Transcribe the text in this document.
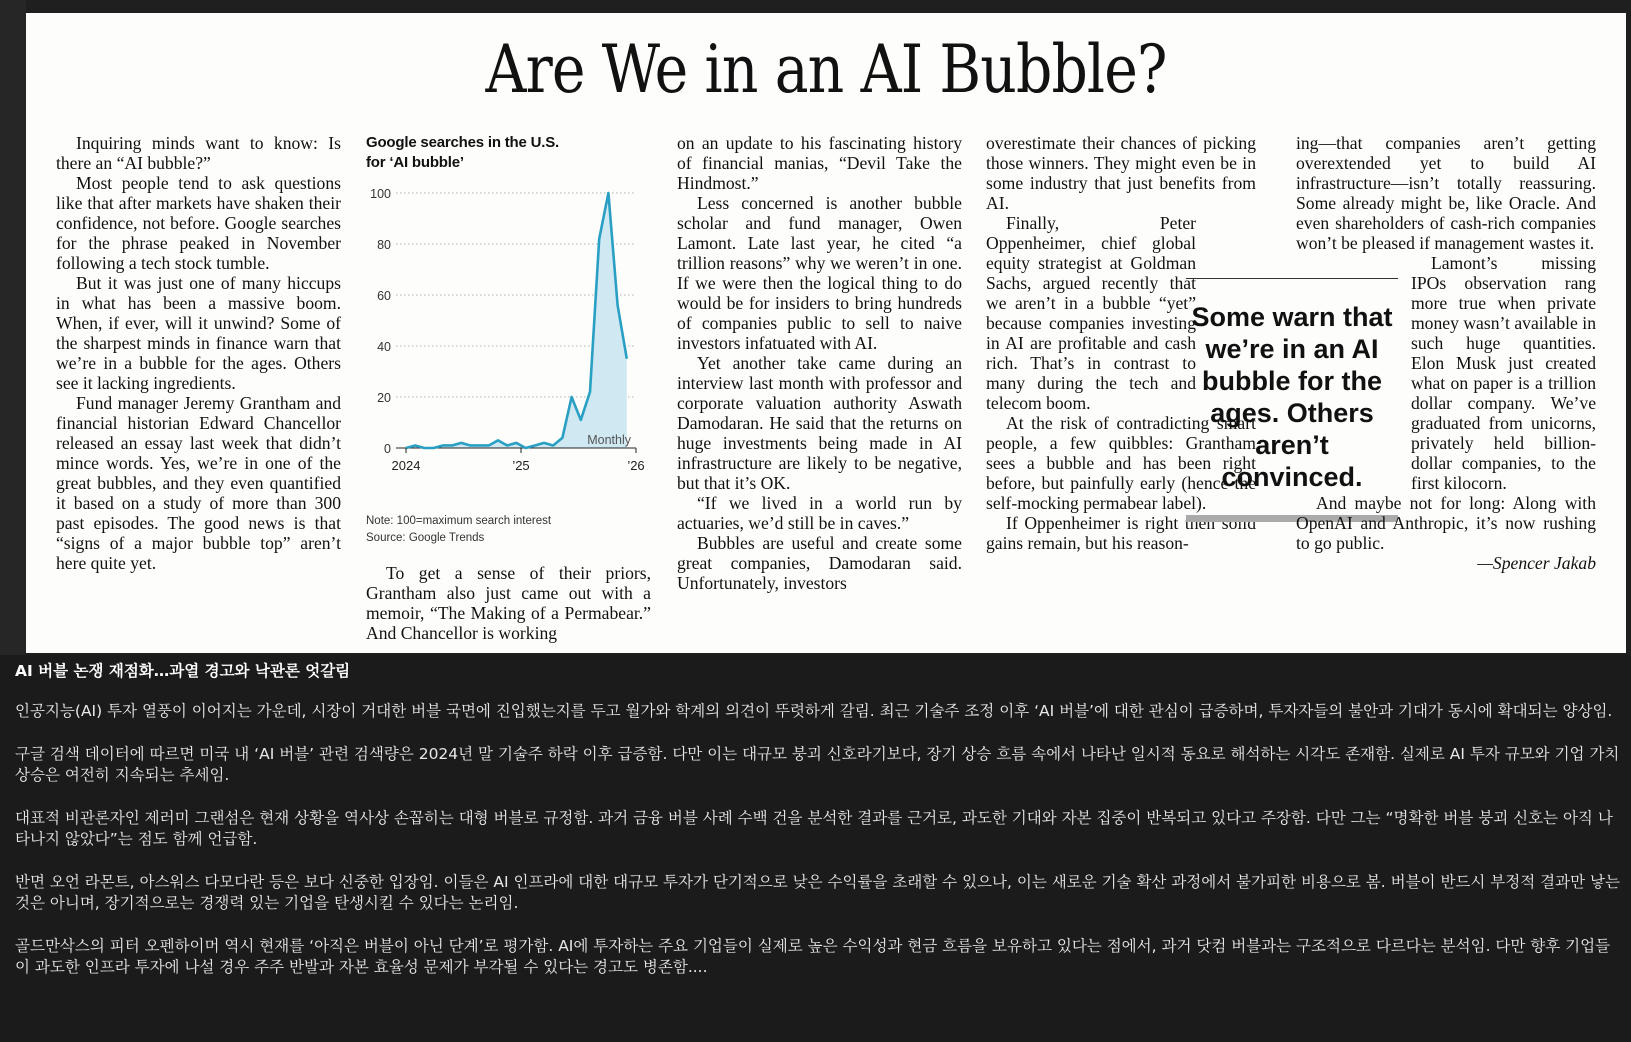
Are We in an AI Bubble?

Inquiring minds want to know: Is there an “AI bubble?”

Most people tend to ask questions like that after markets have shaken their confidence, not before. Google searches for the phrase peaked in November following a tech stock tumble.

But it was just one of many hiccups in what has been a massive boom. When, if ever, will it unwind? Some of the sharpest minds in finance warn that we’re in a bubble for the ages. Others see it lacking ingredients.

Fund manager Jeremy Grantham and financial historian Edward Chancellor released an essay last week that didn’t mince words. Yes, we’re in one of the great bubbles, and they even quantified it based on a study of more than 300 past episodes. The good news is that “signs of a major bubble top” aren’t here quite yet.

Google searches in the U.S.
for ‘AI bubble’
100
80
60
40
20
0
2024	’25	’26
Monthly
Note: 100=maximum search interest
Source: Google Trends

To get a sense of their priors, Grantham also just came out with a memoir, “The Making of a Permabear.” And Chancellor is working

on an update to his fascinating history of financial manias, “Devil Take the Hindmost.”

Less concerned is another bubble scholar and fund manager, Owen Lamont. Late last year, he cited “a trillion reasons” why we weren’t in one. If we were then the logical thing to do would be for insiders to bring hundreds of companies public to sell to naive investors infatuated with AI.

Yet another take came during an interview last month with professor and corporate valuation authority Aswath Damodaran. He said that the returns on huge investments being made in AI infrastructure are likely to be negative, but that it’s OK.

“If we lived in a world run by actuaries, we’d still be in caves.”

Bubbles are useful and create some great companies, Damodaran said. Unfortunately, investors

overestimate their chances of picking those winners. They might even be in some industry that just benefits from AI.

Finally, Peter Oppenheimer, chief global equity strategist at Goldman Sachs, argued recently that we aren’t in a bubble “yet” because companies investing in AI are profitable and cash rich. That’s in contrast to many during the tech and telecom boom.

At the risk of contradicting smart people, a few quibbles: Grantham sees a bubble and has been right before, but painfully early (hence the self-mocking permabear label).

If Oppenheimer is right then solid gains remain, but his reason-

Some warn that we’re in an AI bubble for the ages. Others aren’t convinced.

ing—that companies aren’t getting overextended yet to build AI infrastructure—isn’t totally reassuring. Some already might be, like Oracle. And even shareholders of cash-rich companies won’t be pleased if management wastes it.

Lamont’s missing IPOs observation rang more true when private money wasn’t available in such huge quantities. Elon Musk just created what on paper is a trillion dollar company. We’ve graduated from unicorns, privately held billion-dollar companies, to the first kilocorn.

And maybe not for long: Along with OpenAI and Anthropic, it’s now rushing to go public.

—Spencer Jakab

AI 버블 논쟁 재점화…과열 경고와 낙관론 엇갈림

인공지능(AI) 투자 열풍이 이어지는 가운데, 시장이 거대한 버블 국면에 진입했는지를 두고 월가와 학계의 의견이 뚜렷하게 갈림. 최근 기술주 조정 이후 ‘AI 버블’에 대한 관심이 급증하며, 투자자들의 불안과 기대가 동시에 확대되는 양상임.

구글 검색 데이터에 따르면 미국 내 ‘AI 버블’ 관련 검색량은 2024년 말 기술주 하락 이후 급증함. 다만 이는 대규모 붕괴 신호라기보다, 장기 상승 흐름 속에서 나타난 일시적 동요로 해석하는 시각도 존재함. 실제로 AI 투자 규모와 기업 가치 상승은 여전히 지속되는 추세임.

대표적 비관론자인 제러미 그랜섬은 현재 상황을 역사상 손꼽히는 대형 버블로 규정함. 과거 금융 버블 사례 수백 건을 분석한 결과를 근거로, 과도한 기대와 자본 집중이 반복되고 있다고 주장함. 다만 그는 “명확한 버블 붕괴 신호는 아직 나타나지 않았다”는 점도 함께 언급함.

반면 오언 라몬트, 아스워스 다모다란 등은 보다 신중한 입장임. 이들은 AI 인프라에 대한 대규모 투자가 단기적으로 낮은 수익률을 초래할 수 있으나, 이는 새로운 기술 확산 과정에서 불가피한 비용으로 봄. 버블이 반드시 부정적 결과만 낳는 것은 아니며, 장기적으로는 경쟁력 있는 기업을 탄생시킬 수 있다는 논리임.

골드만삭스의 피터 오펜하이머 역시 현재를 ‘아직은 버블이 아닌 단계’로 평가함. AI에 투자하는 주요 기업들이 실제로 높은 수익성과 현금 흐름을 보유하고 있다는 점에서, 과거 닷컴 버블과는 구조적으로 다르다는 분석임. 다만 향후 기업들이 과도한 인프라 투자에 나설 경우 주주 반발과 자본 효율성 문제가 부각될 수 있다는 경고도 병존함....
